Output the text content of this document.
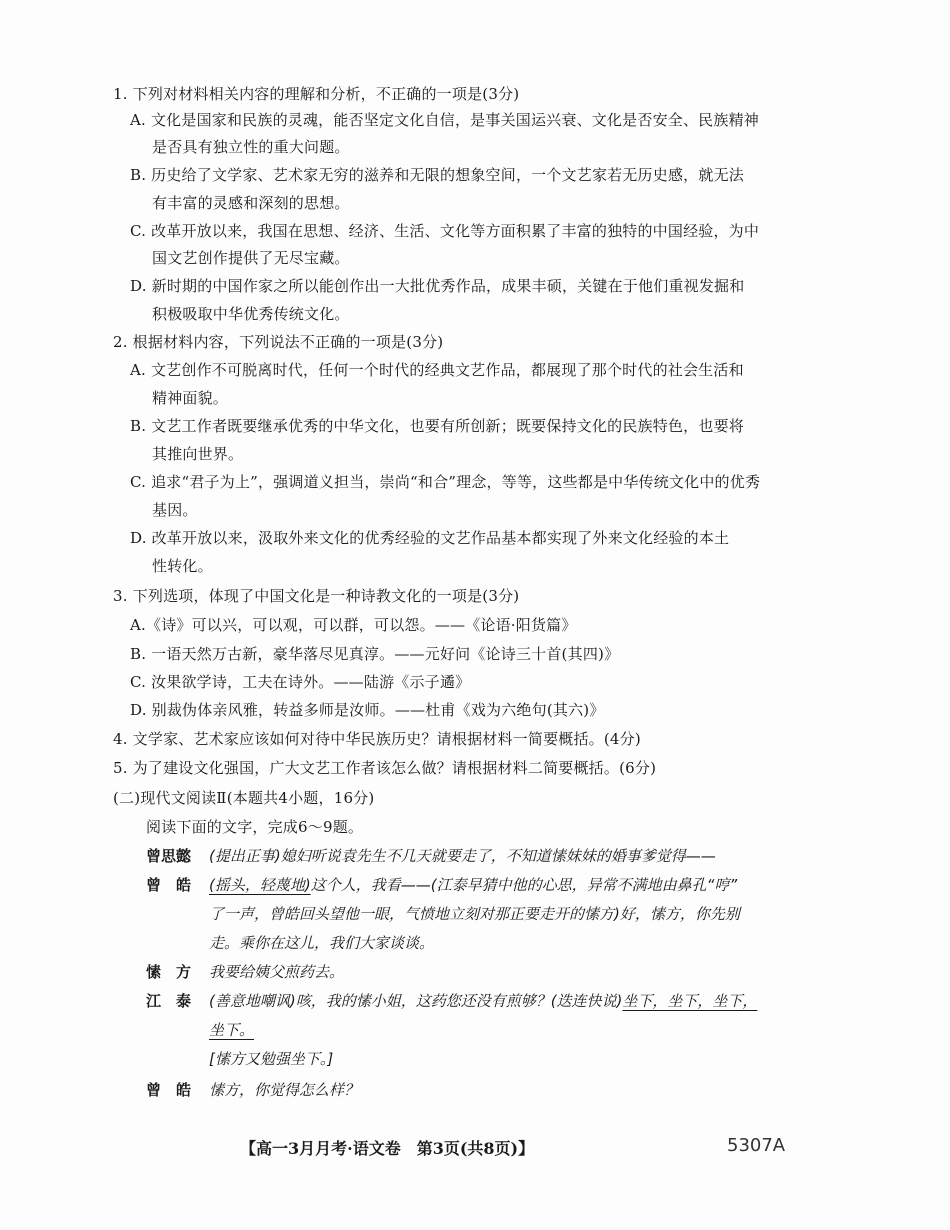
1. 下列对材料相关内容的理解和分析，不正确的一项是(3分)
A. 文化是国家和民族的灵魂，能否坚定文化自信，是事关国运兴衰、文化是否安全、民族精神
是否具有独立性的重大问题。
B. 历史给了文学家、艺术家无穷的滋养和无限的想象空间，一个文艺家若无历史感，就无法
有丰富的灵感和深刻的思想。
C. 改革开放以来，我国在思想、经济、生活、文化等方面积累了丰富的独特的中国经验，为中
国文艺创作提供了无尽宝藏。
D. 新时期的中国作家之所以能创作出一大批优秀作品，成果丰硕，关键在于他们重视发掘和
积极吸取中华优秀传统文化。
2. 根据材料内容，下列说法不正确的一项是(3分)
A. 文艺创作不可脱离时代，任何一个时代的经典文艺作品，都展现了那个时代的社会生活和
精神面貌。
B. 文艺工作者既要继承优秀的中华文化，也要有所创新；既要保持文化的民族特色，也要将
其推向世界。
C. 追求“君子为上”，强调道义担当，崇尚“和合”理念，等等，这些都是中华传统文化中的优秀
基因。
D. 改革开放以来，汲取外来文化的优秀经验的文艺作品基本都实现了外来文化经验的本土
性转化。
3. 下列选项，体现了中国文化是一种诗教文化的一项是(3分)
A.《诗》可以兴，可以观，可以群，可以怨。——《论语·阳货篇》
B. 一语天然万古新，豪华落尽见真淳。——元好问《论诗三十首(其四)》
C. 汝果欲学诗，工夫在诗外。——陆游《示子遹》
D. 别裁伪体亲风雅，转益多师是汝师。——杜甫《戏为六绝句(其六)》
4. 文学家、艺术家应该如何对待中华民族历史？请根据材料一简要概括。(4分)
5. 为了建设文化强国，广大文艺工作者该怎么做？请根据材料二简要概括。(6分)
(二)现代文阅读Ⅱ(本题共4小题，16分)
阅读下面的文字，完成6～9题。
曾思懿	(提出正事)媳妇听说袁先生不几天就要走了，不知道愫妹妹的婚事爹觉得——
曾　皓	(摇头，轻蔑地)这个人，我看——(江泰早猜中他的心思，异常不满地由鼻孔“哼”
了一声，曾皓回头望他一眼，气愤地立刻对那正要走开的愫方)好，愫方，你先别
走。乘你在这儿，我们大家谈谈。
愫　方	我要给姨父煎药去。
江　泰	(善意地嘲讽)咳，我的愫小姐，这药您还没有煎够？(迭连快说)坐下，坐下，坐下，
坐下。
[愫方又勉强坐下。]
曾　皓	愫方，你觉得怎么样？
【高一3月月考·语文卷　第3页(共8页)】	5307A
